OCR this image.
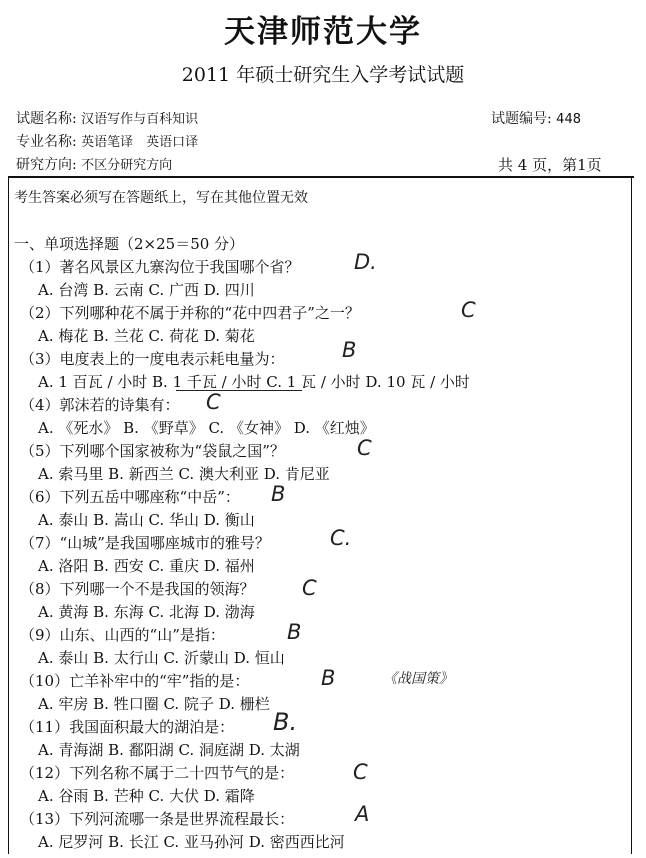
天津师范大学
2011 年硕士研究生入学考试试题
试题名称: 汉语写作与百科知识	试题编号: 448
专业名称: 英语笔译　英语口译
研究方向: 不区分研究方向	共 4 页，第1页
考生答案必须写在答题纸上，写在其他位置无效
一、单项选择题（2×25＝50 分）
（1）著名风景区九寨沟位于我国哪个省？
A. 台湾 B. 云南 C. 广西 D. 四川
D.
（2）下列哪种花不属于并称的“花中四君子”之一？
A. 梅花 B. 兰花 C. 荷花 D. 菊花
C
（3）电度表上的一度电表示耗电量为：
A. 1 百瓦 / 小时 B. 1 千瓦 / 小时 C. 1 瓦 / 小时 D. 10 瓦 / 小时
B
（4）郭沫若的诗集有：
A. 《死水》 B. 《野草》 C. 《女神》 D. 《红烛》
C
（5）下列哪个国家被称为“袋鼠之国”？
A. 索马里 B. 新西兰 C. 澳大利亚 D. 肯尼亚
C
（6）下列五岳中哪座称“中岳”：
A. 泰山 B. 嵩山 C. 华山 D. 衡山
B
（7）“山城”是我国哪座城市的雅号？
A. 洛阳 B. 西安 C. 重庆 D. 福州
C.
（8）下列哪一个不是我国的领海？
A. 黄海 B. 东海 C. 北海 D. 渤海
C
（9）山东、山西的“山”是指：
A. 泰山 B. 太行山 C. 沂蒙山 D. 恒山
B
（10）亡羊补牢中的“牢”指的是：
A. 牢房 B. 牲口圈 C. 院子 D. 栅栏
B	《战国策》
（11）我国面积最大的湖泊是：
A. 青海湖 B. 鄱阳湖 C. 洞庭湖 D. 太湖
B.
（12）下列名称不属于二十四节气的是：
A. 谷雨 B. 芒种 C. 大伏 D. 霜降
C
（13）下列河流哪一条是世界流程最长：
A. 尼罗河 B. 长江 C. 亚马孙河 D. 密西西比河
A
